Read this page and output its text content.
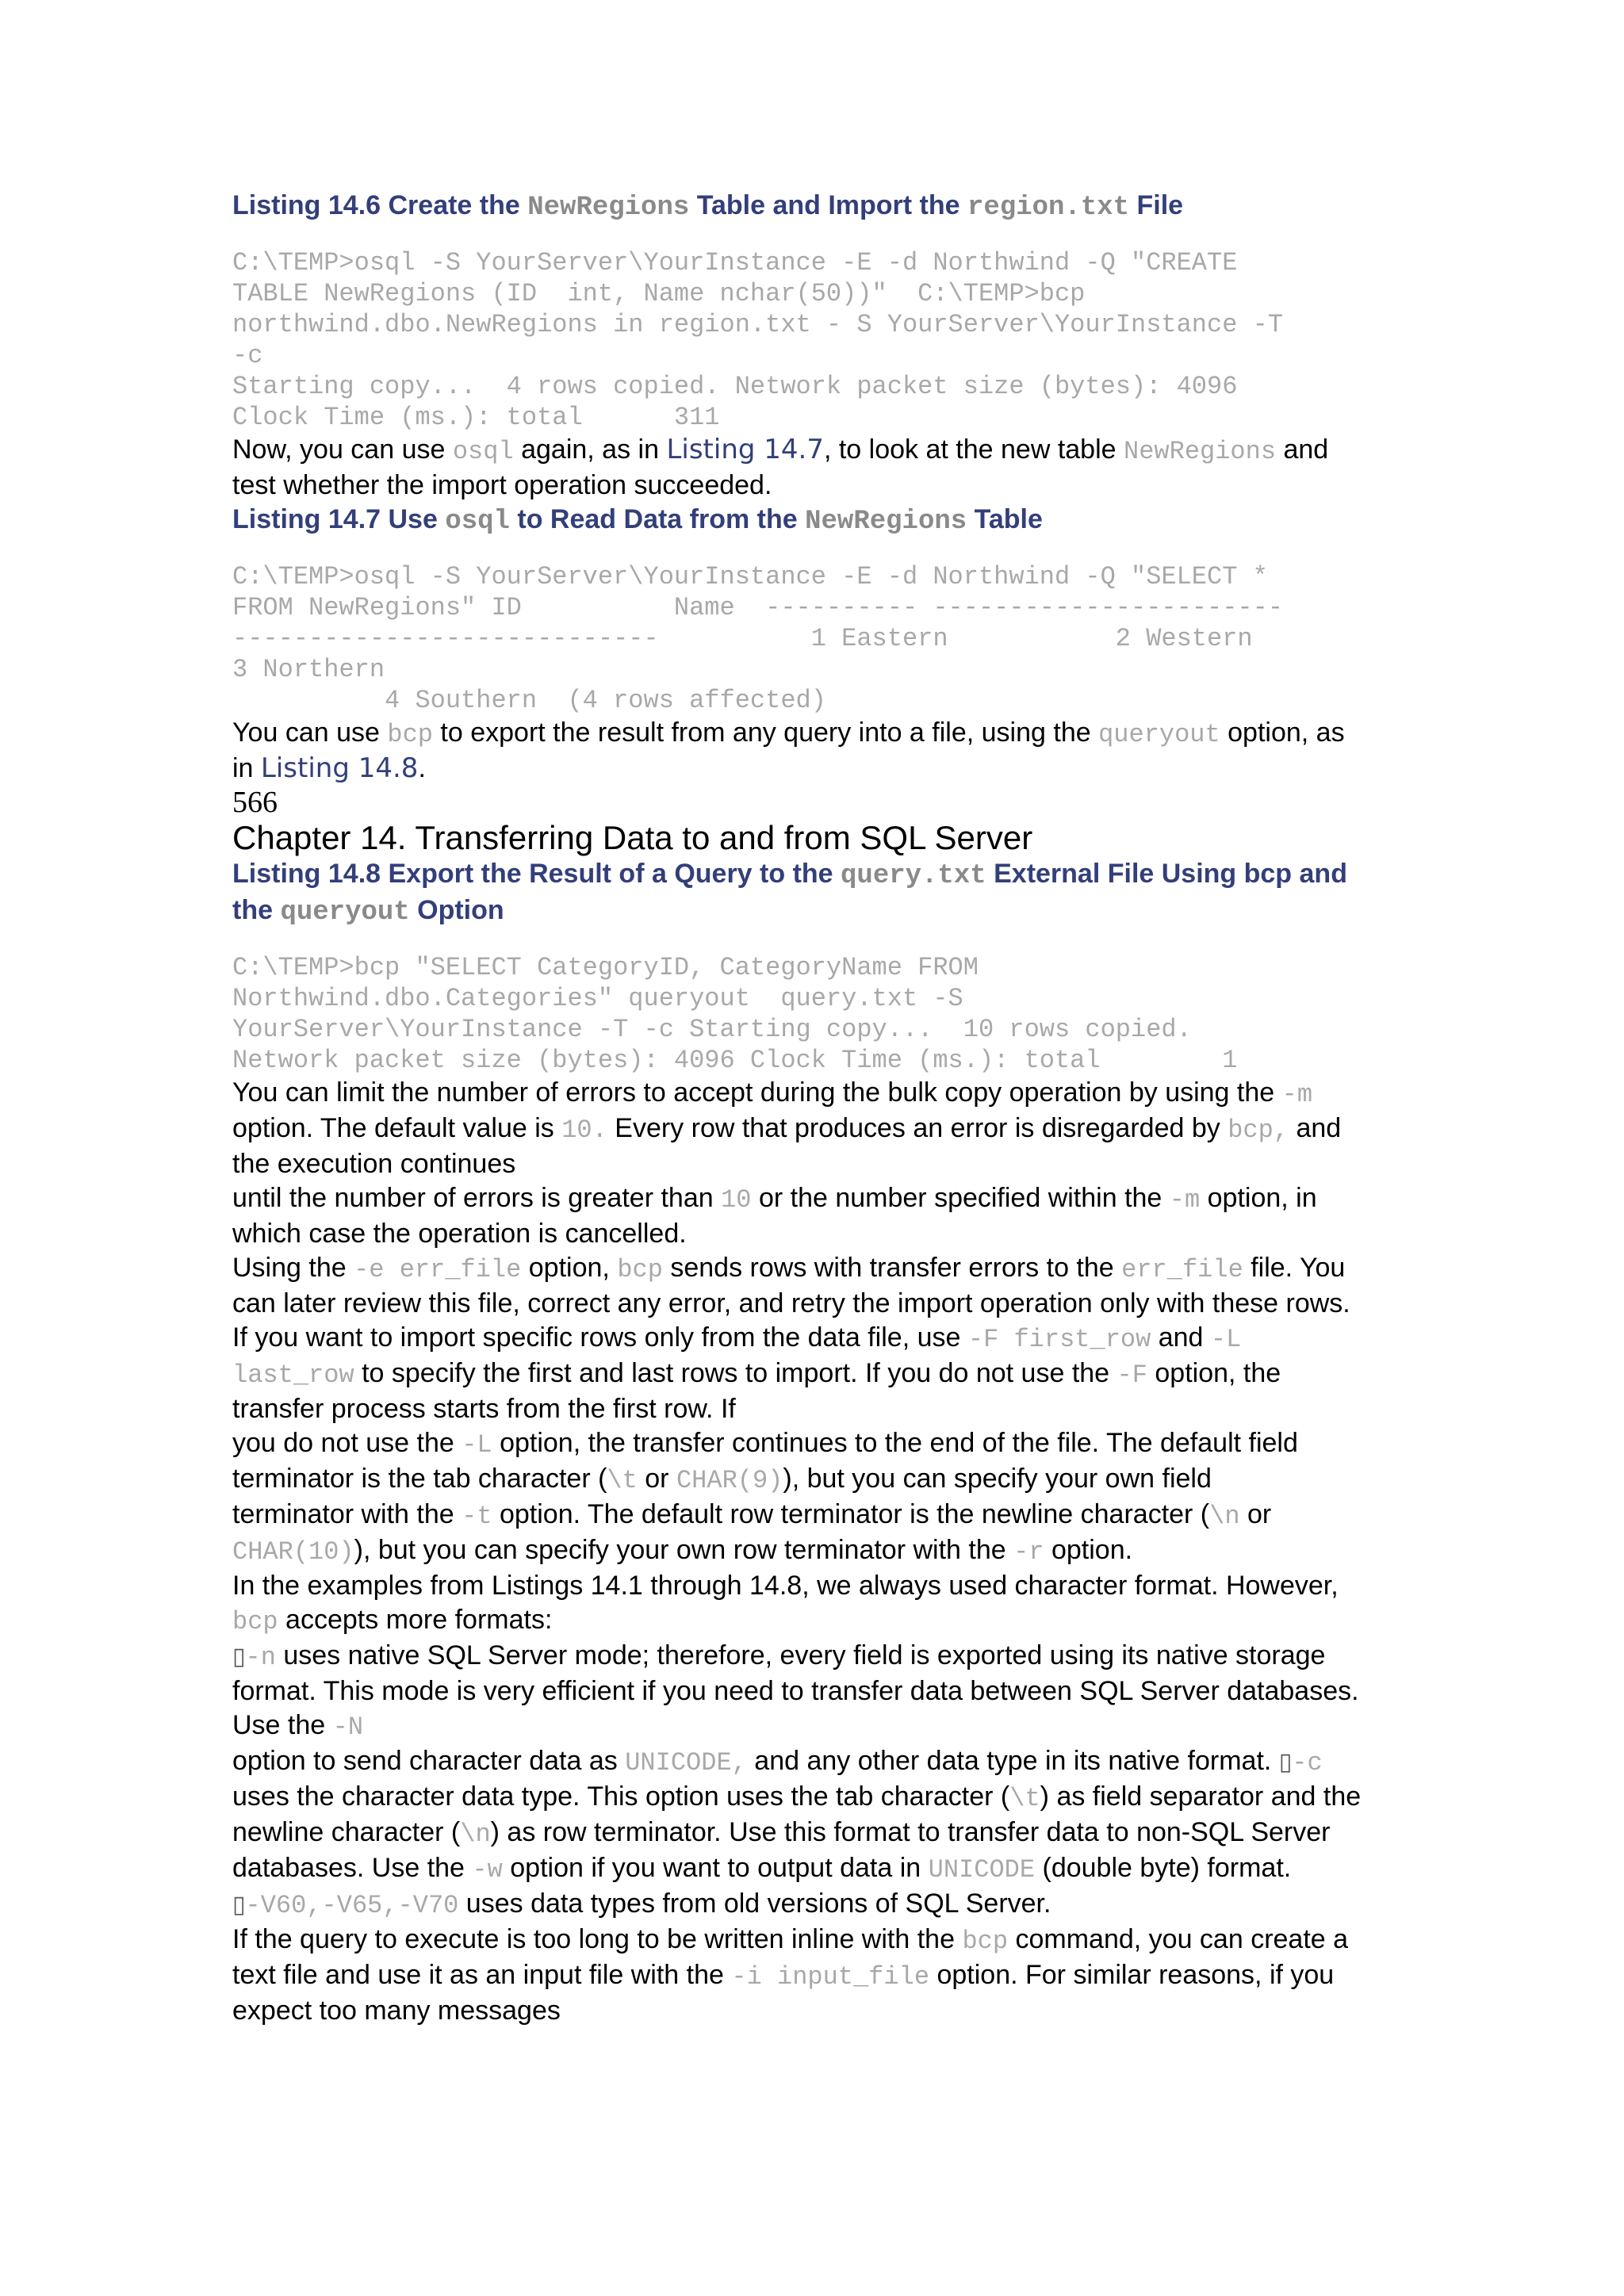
Listing 14.6 Create the NewRegions Table and Import the region.txt File

C:\TEMP>osql -S YourServer\YourInstance -E -d Northwind -Q "CREATE
TABLE NewRegions (ID  int, Name nchar(50))"  C:\TEMP>bcp
northwind.dbo.NewRegions in region.txt - S YourServer\YourInstance -T
-c
Starting copy...  4 rows copied. Network packet size (bytes): 4096
Clock Time (ms.): total      311

Now, you can use osql again, as in Listing 14.7, to look at the new table NewRegions and
test whether the import operation succeeded.

Listing 14.7 Use osql to Read Data from the NewRegions Table

C:\TEMP>osql -S YourServer\YourInstance -E -d Northwind -Q "SELECT *
FROM NewRegions" ID          Name  ---------- -----------------------
----------------------------          1 Eastern           2 Western
3 Northern
4 Southern  (4 rows affected)

You can use bcp to export the result from any query into a file, using the queryout option, as
in Listing 14.8.

566

Chapter 14. Transferring Data to and from SQL Server

Listing 14.8 Export the Result of a Query to the query.txt External File Using bcp and
the queryout Option

C:\TEMP>bcp "SELECT CategoryID, CategoryName FROM
Northwind.dbo.Categories" queryout  query.txt -S
YourServer\YourInstance -T -c Starting copy...  10 rows copied.
Network packet size (bytes): 4096 Clock Time (ms.): total        1

You can limit the number of errors to accept during the bulk copy operation by using the -m
option. The default value is 10. Every row that produces an error is disregarded by bcp, and
the execution continues
until the number of errors is greater than 10 or the number specified within the -m option, in
which case the operation is cancelled.

Using the -e err_file option, bcp sends rows with transfer errors to the err_file file. You
can later review this file, correct any error, and retry the import operation only with these rows.

If you want to import specific rows only from the data file, use -F first_row and -L
last_row to specify the first and last rows to import. If you do not use the -F option, the
transfer process starts from the first row. If
you do not use the -L option, the transfer continues to the end of the file. The default field
terminator is the tab character (\t or CHAR(9)), but you can specify your own field
terminator with the -t option. The default row terminator is the newline character (\n or
CHAR(10)), but you can specify your own row terminator with the -r option.

In the examples from Listings 14.1 through 14.8, we always used character format. However,
bcp accepts more formats:

▯-n uses native SQL Server mode; therefore, every field is exported using its native storage
format. This mode is very efficient if you need to transfer data between SQL Server databases.
Use the -N
option to send character data as UNICODE, and any other data type in its native format. ▯-c
uses the character data type. This option uses the tab character (\t) as field separator and the
newline character (\n) as row terminator. Use this format to transfer data to non-SQL Server
databases. Use the -w option if you want to output data in UNICODE (double byte) format.
▯-V60,-V65,-V70 uses data types from old versions of SQL Server.

If the query to execute is too long to be written inline with the bcp command, you can create a
text file and use it as an input file with the -i input_file option. For similar reasons, if you
expect too many messages
